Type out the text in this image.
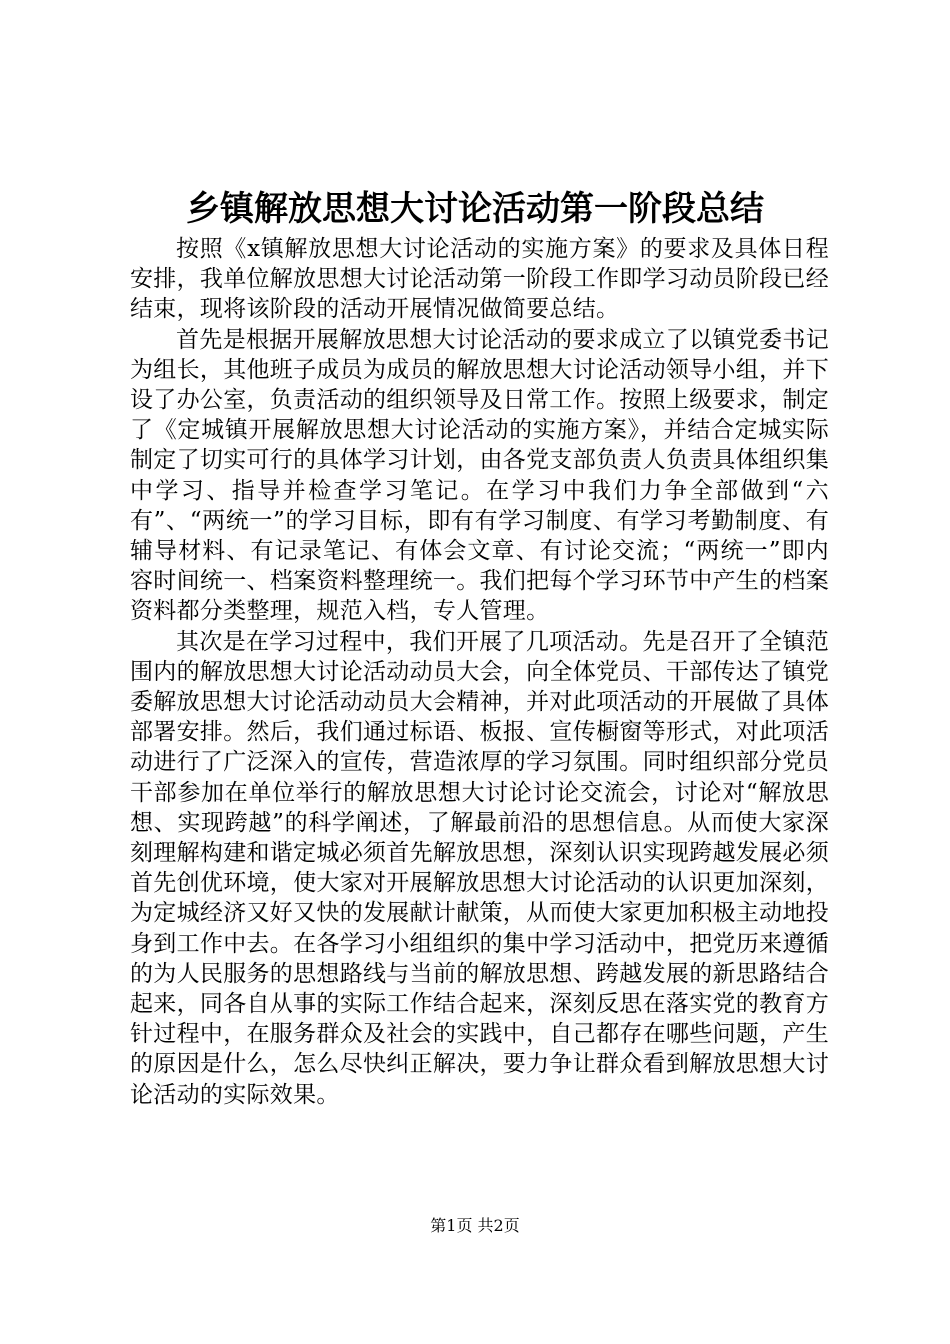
乡镇解放思想大讨论活动第一阶段总结

按照《x镇解放思想大讨论活动的实施方案》的要求及具体日程安排，我单位解放思想大讨论活动第一阶段工作即学习动员阶段已经结束，现将该阶段的活动开展情况做简要总结。

首先是根据开展解放思想大讨论活动的要求成立了以镇党委书记为组长，其他班子成员为成员的解放思想大讨论活动领导小组，并下设了办公室，负责活动的组织领导及日常工作。按照上级要求，制定了《定城镇开展解放思想大讨论活动的实施方案》，并结合定城实际制定了切实可行的具体学习计划，由各党支部负责人负责具体组织集中学习、指导并检查学习笔记。在学习中我们力争全部做到“六有”、“两统一”的学习目标，即有有学习制度、有学习考勤制度、有辅导材料、有记录笔记、有体会文章、有讨论交流；“两统一”即内容时间统一、档案资料整理统一。我们把每个学习环节中产生的档案资料都分类整理，规范入档，专人管理。

其次是在学习过程中，我们开展了几项活动。先是召开了全镇范围内的解放思想大讨论活动动员大会，向全体党员、干部传达了镇党委解放思想大讨论活动动员大会精神，并对此项活动的开展做了具体部署安排。然后，我们通过标语、板报、宣传橱窗等形式，对此项活动进行了广泛深入的宣传，营造浓厚的学习氛围。同时组织部分党员干部参加在单位举行的解放思想大讨论讨论交流会，讨论对“解放思想、实现跨越”的科学阐述，了解最前沿的思想信息。从而使大家深刻理解构建和谐定城必须首先解放思想，深刻认识实现跨越发展必须首先创优环境，使大家对开展解放思想大讨论活动的认识更加深刻，为定城经济又好又快的发展献计献策，从而使大家更加积极主动地投身到工作中去。在各学习小组组织的集中学习活动中，把党历来遵循的为人民服务的思想路线与当前的解放思想、跨越发展的新思路结合起来，同各自从事的实际工作结合起来，深刻反思在落实党的教育方针过程中，在服务群众及社会的实践中，自己都存在哪些问题，产生的原因是什么，怎么尽快纠正解决，要力争让群众看到解放思想大讨论活动的实际效果。

第1页 共2页
